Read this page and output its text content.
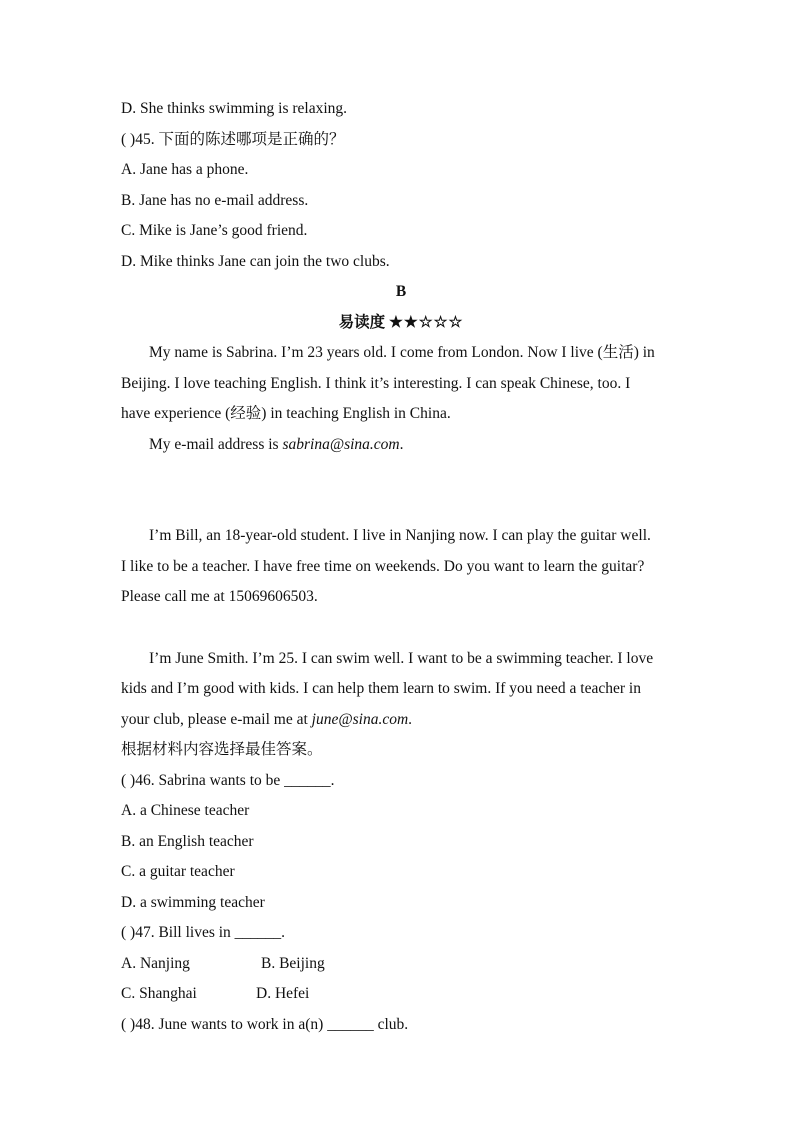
D. She thinks swimming is relaxing.
( )45. 下面的陈述哪项是正确的？
A. Jane has a phone.
B. Jane has no e-mail address.
C. Mike is Jane’s good friend.
D. Mike thinks Jane can join the two clubs.
B
易读度 ★★☆☆☆
My name is Sabrina. I’m 23 years old. I come from London. Now I live (生活) in
Beijing. I love teaching English. I think it’s interesting. I can speak Chinese, too. I
have experience (经验) in teaching English in China.
My e-mail address is sabrina@sina.com.
I’m Bill, an 18-year-old student. I live in Nanjing now. I can play the guitar well.
I like to be a teacher. I have free time on weekends. Do you want to learn the guitar?
Please call me at 15069606503.
I’m June Smith. I’m 25. I can swim well. I want to be a swimming teacher. I love
kids and I’m good with kids. I can help them learn to swim. If you need a teacher in
your club, please e-mail me at june@sina.com.
根据材料内容选择最佳答案。
( )46. Sabrina wants to be ______.
A. a Chinese teacher
B. an English teacher
C. a guitar teacher
D. a swimming teacher
( )47. Bill lives in ______.
A. Nanjing	B. Beijing
C. Shanghai	D. Hefei
( )48. June wants to work in a(n) ______ club.
